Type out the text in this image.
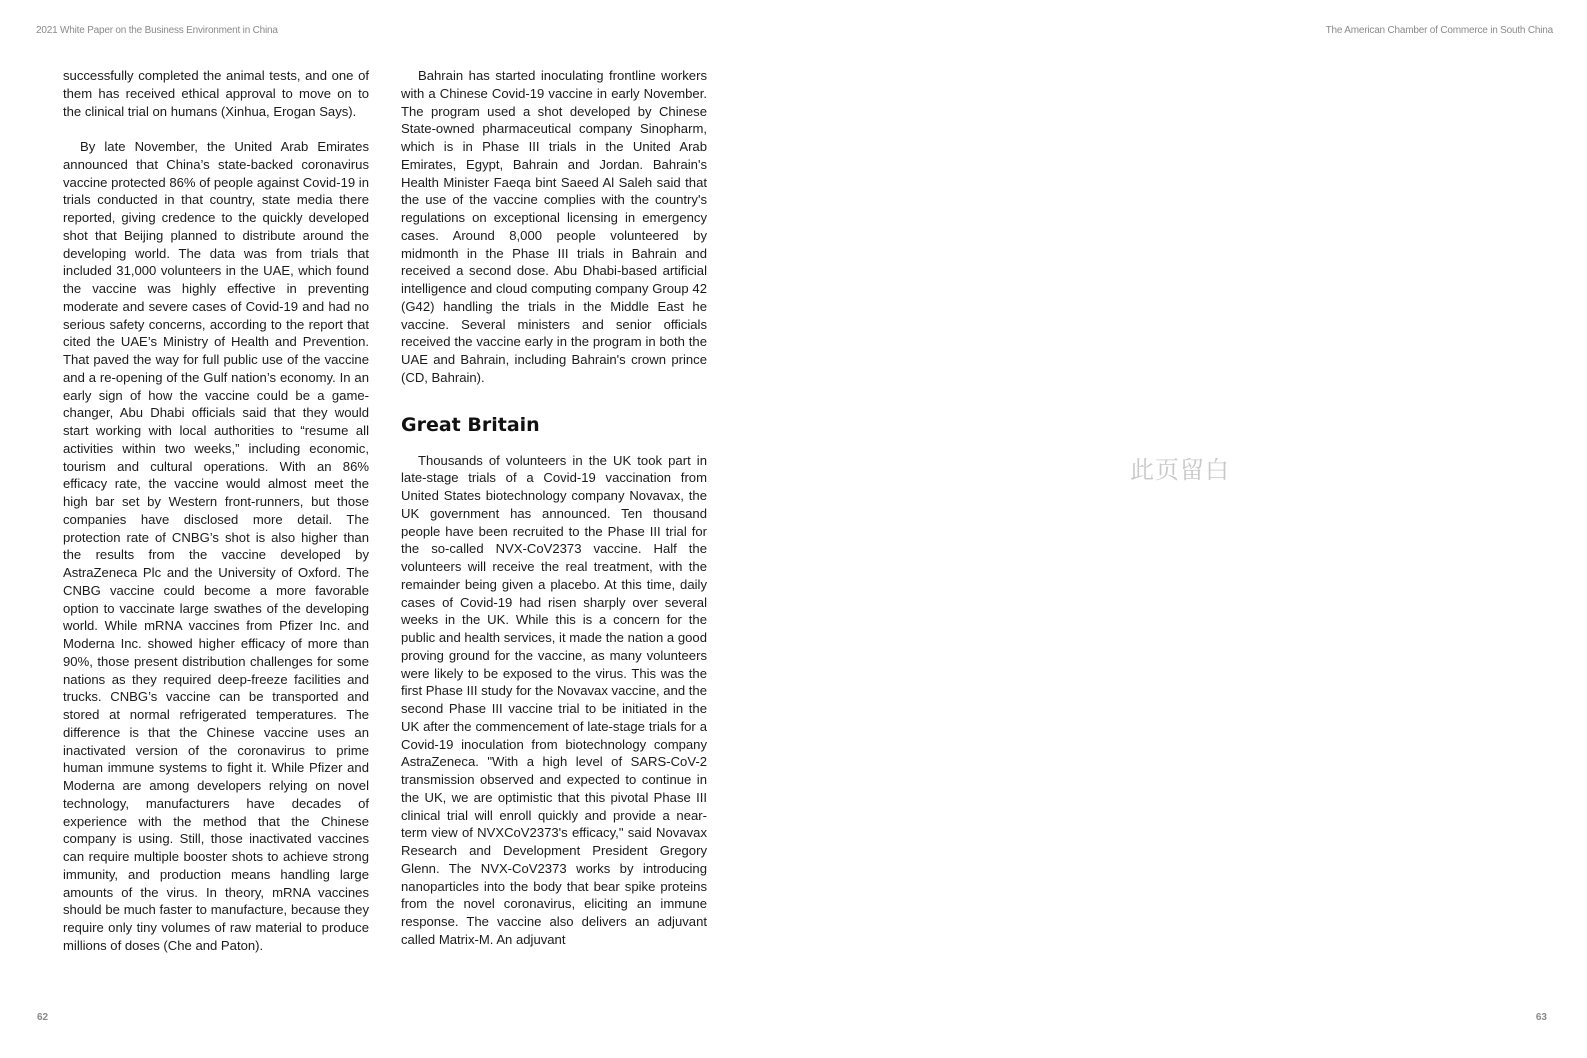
2021 White Paper on the Business Environment in China	The American Chamber of Commerce in South China

successfully completed the animal tests, and one of them has received ethical approval to move on to the clinical trial on humans (Xinhua, Erogan Says).

By late November, the United Arab Emirates announced that China’s state-backed coronavirus vaccine protected 86% of people against Covid-19 in trials conducted in that country, state media there reported, giving credence to the quickly developed shot that Beijing planned to distribute around the developing world. The data was from trials that included 31,000 volunteers in the UAE, which found the vaccine was highly effective in preventing moderate and severe cases of Covid-19 and had no serious safety concerns, according to the report that cited the UAE’s Ministry of Health and Prevention. That paved the way for full public use of the vaccine and a re-opening of the Gulf nation’s economy. In an early sign of how the vaccine could be a game-changer, Abu Dhabi officials said that they would start working with local authorities to “resume all activities within two weeks,” including economic, tourism and cultural operations. With an 86% efficacy rate, the vaccine would almost meet the high bar set by Western front-runners, but those companies have disclosed more detail. The protection rate of CNBG’s shot is also higher than the results from the vaccine developed by AstraZeneca Plc and the University of Oxford. The CNBG vaccine could become a more favorable option to vaccinate large swathes of the developing world. While mRNA vaccines from Pfizer Inc. and Moderna Inc. showed higher efficacy of more than 90%, those present distribution challenges for some nations as they required deep-freeze facilities and trucks. CNBG’s vaccine can be transported and stored at normal refrigerated temperatures. The difference is that the Chinese vaccine uses an inactivated version of the coronavirus to prime human immune systems to fight it. While Pfizer and Moderna are among developers relying on novel technology, manufacturers have decades of experience with the method that the Chinese company is using. Still, those inactivated vaccines can require multiple booster shots to achieve strong immunity, and production means handling large amounts of the virus. In theory, mRNA vaccines should be much faster to manufacture, because they require only tiny volumes of raw material to produce millions of doses (Che and Paton).

Bahrain has started inoculating frontline workers with a Chinese Covid-19 vaccine in early November. The program used a shot developed by Chinese State-owned pharmaceutical company Sinopharm, which is in Phase III trials in the United Arab Emirates, Egypt, Bahrain and Jordan. Bahrain's Health Minister Faeqa bint Saeed Al Saleh said that the use of the vaccine complies with the country's regulations on exceptional licensing in emergency cases. Around 8,000 people volunteered by midmonth in the Phase III trials in Bahrain and received a second dose. Abu Dhabi-based artificial intelligence and cloud computing company Group 42 (G42) handling the trials in the Middle East he vaccine. Several ministers and senior officials received the vaccine early in the program in both the UAE and Bahrain, including Bahrain's crown prince (CD, Bahrain).

Great Britain

Thousands of volunteers in the UK took part in late-stage trials of a Covid-19 vaccination from United States biotechnology company Novavax, the UK government has announced. Ten thousand people have been recruited to the Phase III trial for the so-called NVX-CoV2373 vaccine. Half the volunteers will receive the real treatment, with the remainder being given a placebo. At this time, daily cases of Covid-19 had risen sharply over several weeks in the UK. While this is a concern for the public and health services, it made the nation a good proving ground for the vaccine, as many volunteers were likely to be exposed to the virus. This was the first Phase III study for the Novavax vaccine, and the second Phase III vaccine trial to be initiated in the UK after the commencement of late-stage trials for a Covid-19 inoculation from biotechnology company AstraZeneca. "With a high level of SARS-CoV-2 transmission observed and expected to continue in the UK, we are optimistic that this pivotal Phase III clinical trial will enroll quickly and provide a near-term view of NVXCoV2373's efficacy," said Novavax Research and Development President Gregory Glenn. The NVX-CoV2373 works by introducing nanoparticles into the body that bear spike proteins from the novel coronavirus, eliciting an immune response. The vaccine also delivers an adjuvant called Matrix-M. An adjuvant

此页留白
62	63
